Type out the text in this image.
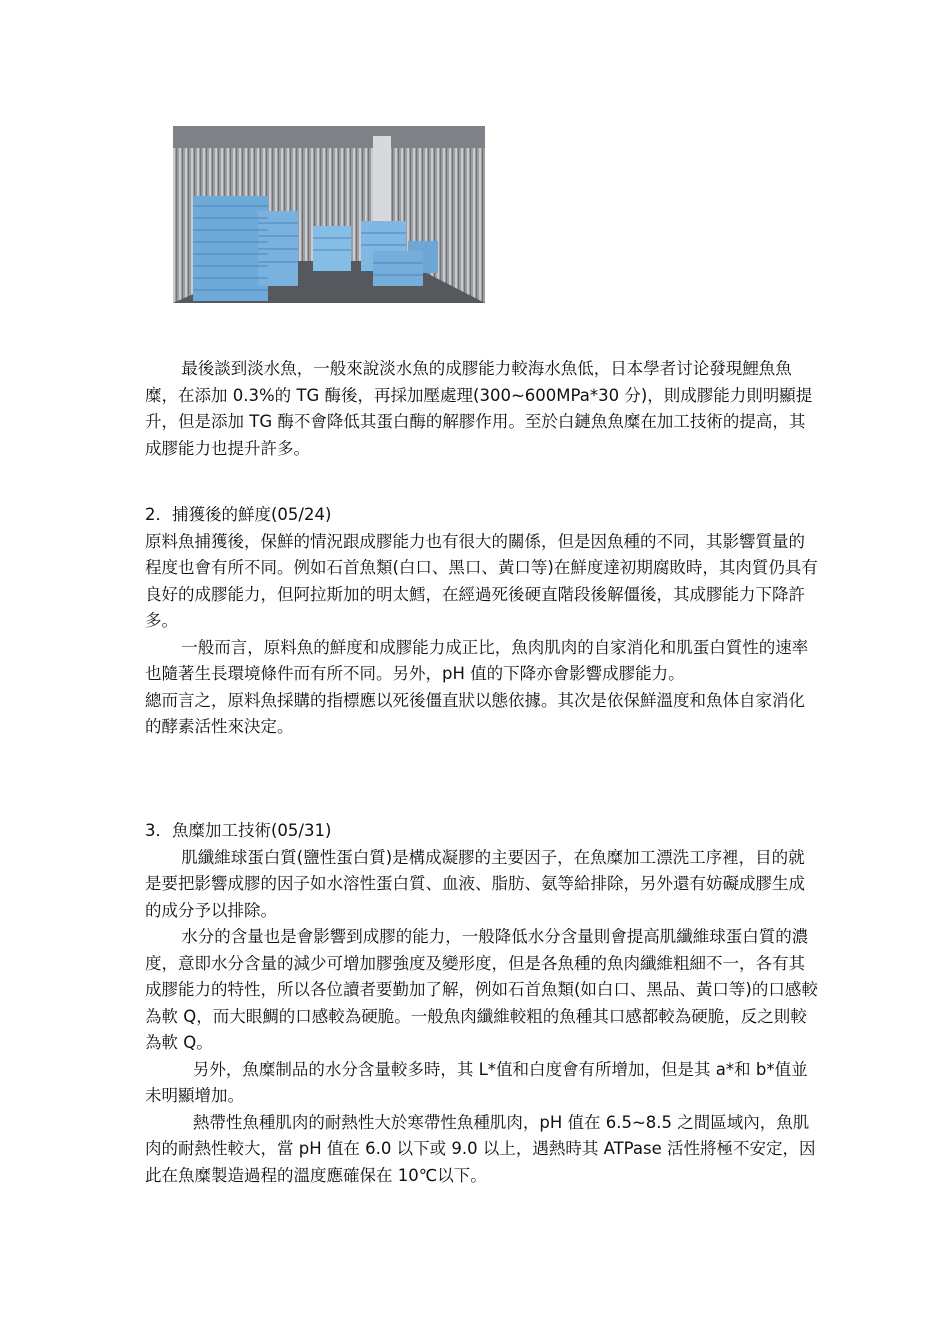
最後談到淡水魚，一般來說淡水魚的成膠能力較海水魚低，日本學者讨论發現鯉魚魚糜，在添加 0.3%的 TG 酶後，再採加壓處理(300~600MPa*30 分)，則成膠能力則明顯提升，但是添加 TG 酶不會降低其蛋白酶的解膠作用。至於白鏈魚魚糜在加工技術的提高，其成膠能力也提升許多。

2．捕獲後的鮮度(05/24)

原料魚捕獲後，保鮮的情況跟成膠能力也有很大的關係，但是因魚種的不同，其影響質量的程度也會有所不同。例如石首魚類(白口、黑口、黃口等)在鮮度達初期腐敗時，其肉質仍具有良好的成膠能力，但阿拉斯加的明太鱈，在經過死後硬直階段後解僵後，其成膠能力下降許多。

一般而言，原料魚的鮮度和成膠能力成正比，魚肉肌肉的自家消化和肌蛋白質性的速率也隨著生長環境條件而有所不同。另外，pH 值的下降亦會影響成膠能力。

總而言之，原料魚採購的指標應以死後僵直狀以態依據。其次是依保鮮溫度和魚体自家消化的酵素活性來決定。

3．魚糜加工技術(05/31)

肌纖維球蛋白質(鹽性蛋白質)是構成凝膠的主要因子，在魚糜加工漂洗工序裡，目的就是要把影響成膠的因子如水溶性蛋白質、血液、脂肪、氨等給排除，另外還有妨礙成膠生成的成分予以排除。

水分的含量也是會影響到成膠的能力，一般降低水分含量則會提高肌纖維球蛋白質的濃度，意即水分含量的減少可增加膠強度及變形度，但是各魚種的魚肉纖維粗細不一，各有其成膠能力的特性，所以各位讀者要勤加了解，例如石首魚類(如白口、黑品、黃口等)的口感較為軟 Q，而大眼鯛的口感較為硬脆。一般魚肉纖維較粗的魚種其口感都較為硬脆，反之則較為軟 Q。

另外，魚糜制品的水分含量較多時，其 L*值和白度會有所增加，但是其 a*和 b*值並未明顯增加。

熱帶性魚種肌肉的耐熱性大於寒帶性魚種肌肉，pH 值在 6.5~8.5 之間區域內，魚肌肉的耐熱性較大，當 pH 值在 6.0 以下或 9.0 以上，遇熱時其 ATPase 活性將極不安定，因此在魚糜製造過程的溫度應確保在 10℃以下。
